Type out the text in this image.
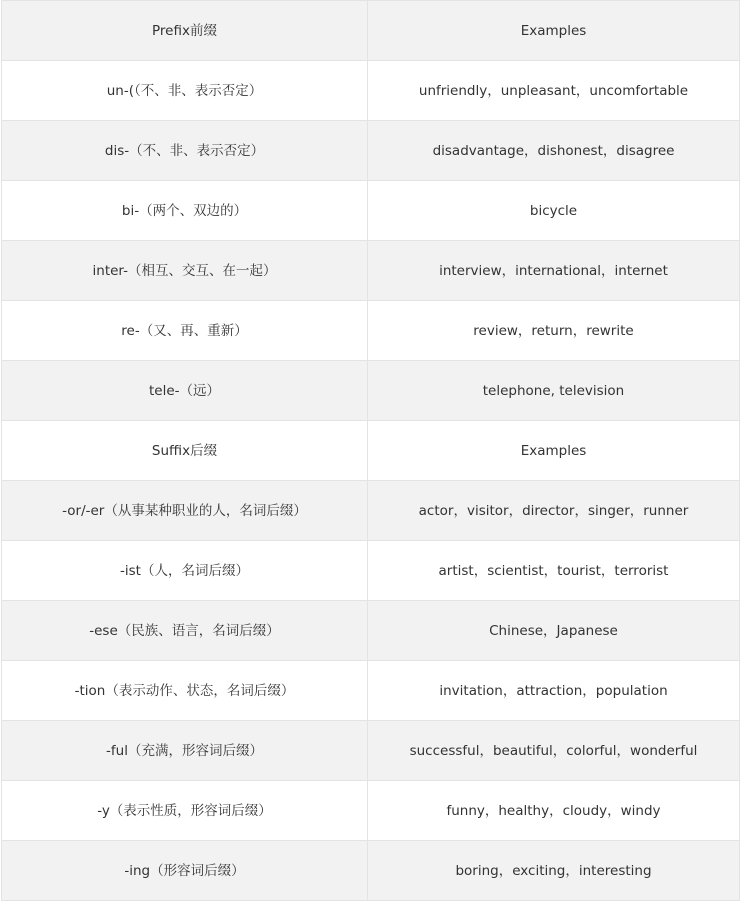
Prefix前缀	Examples
un-(（不、非、表示否定）	unfriendly，unpleasant，uncomfortable
dis-（不、非、表示否定）	disadvantage，dishonest，disagree
bi-（两个、双边的）	bicycle
inter-（相互、交互、在一起）	interview，international，internet
re-（又、再、重新）	review，return，rewrite
tele-（远）	telephone, television
Suffix后缀	Examples
-or/-er（从事某种职业的人，名词后缀）	actor，visitor，director，singer，runner
-ist（人，名词后缀）	artist，scientist，tourist，terrorist
-ese（民族、语言，名词后缀）	Chinese，Japanese
-tion（表示动作、状态，名词后缀）	invitation，attraction，population
-ful（充满，形容词后缀）	successful，beautiful，colorful，wonderful
-y（表示性质，形容词后缀）	funny，healthy，cloudy，windy
-ing（形容词后缀）	boring，exciting，interesting
